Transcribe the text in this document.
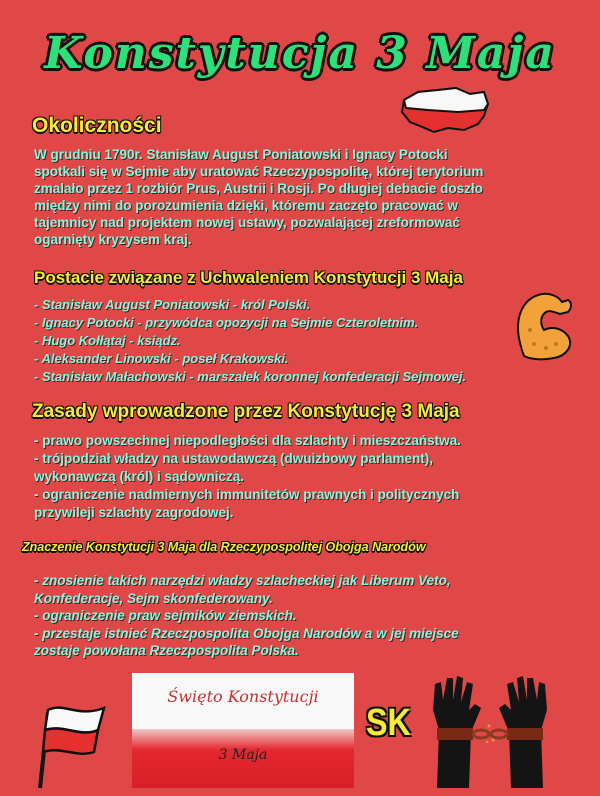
Konstytucja 3 Maja
Okoliczności
W grudniu 1790r. Stanisław August Poniatowski i Ignacy Potocki
spotkali się w Sejmie aby uratować Rzeczypospolitę, której terytorium
zmalało przez 1 rozbiór Prus, Austrii i Rosji. Po długiej debacie doszło
między nimi do porozumienia dzięki, któremu zaczęto pracować w
tajemnicy nad projektem nowej ustawy, pozwalającej zreformować
ogarnięty kryzysem kraj.
Postacie związane z Uchwaleniem Konstytucji 3 Maja
- Stanisław August Poniatowski - król Polski.
- Ignacy Potocki - przywódca opozycji na Sejmie Czteroletnim.
- Hugo Kołłątaj - ksiądz.
- Aleksander Linowski - poseł Krakowski.
- Stanisław Małachowski - marszałek koronnej konfederacji Sejmowej.
Zasady wprowadzone przez Konstytucję 3 Maja
- prawo powszechnej niepodległości dla szlachty i mieszczaństwa.
- trójpodział władzy na ustawodawczą (dwuizbowy parlament),
wykonawczą (król) i sądowniczą.
- ograniczenie nadmiernych immunitetów prawnych i politycznych
przywileji szlachty zagrodowej.
Znaczenie Konstytucji 3 Maja dla Rzeczypospolitej Obojga Narodów
- znosienie takich narzędzi władzy szlacheckiej jak Liberum Veto,
Konfederacje, Sejm skonfederowany.
- ograniczenie praw sejmików ziemskich.
- przestaje istnieć Rzeczpospolita Obojga Narodów a w jej miejsce
zostaje powołana Rzeczpospolita Polska.
Święto Konstytucji
3 Maja
SK
